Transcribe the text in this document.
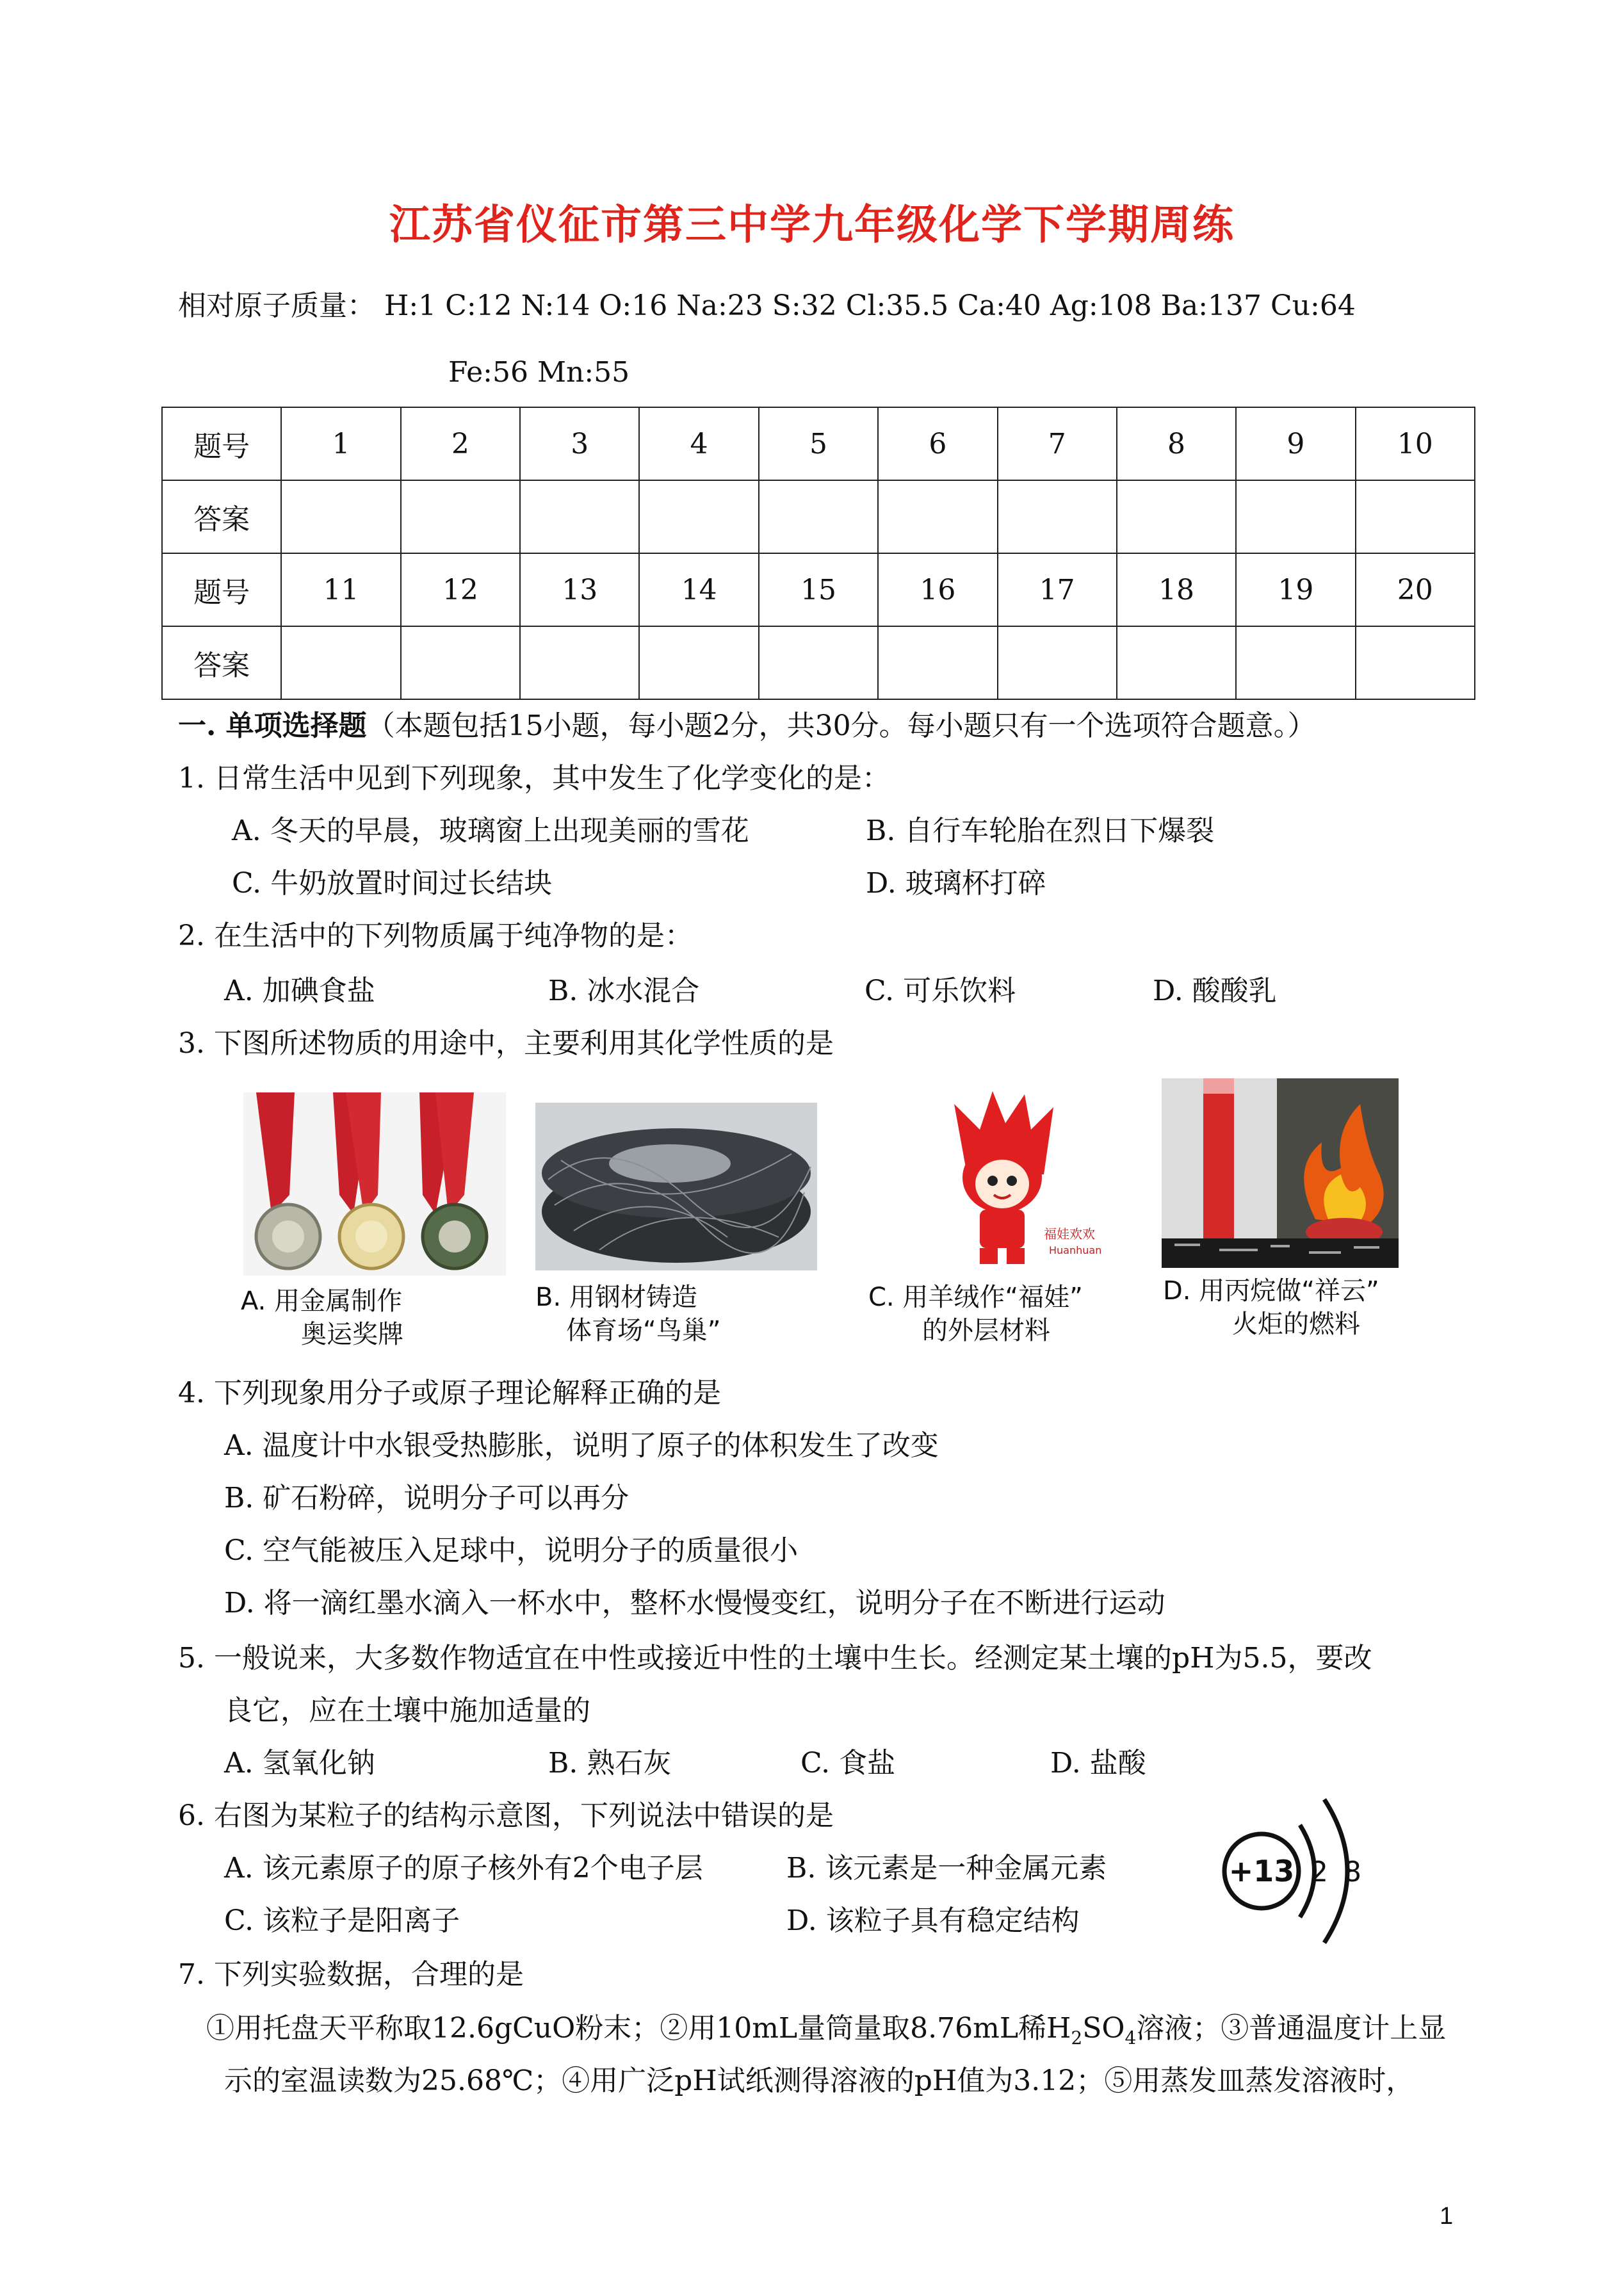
江苏省仪征市第三中学九年级化学下学期周练
相对原子质量： H:1 C:12 N:14 O:16 Na:23 S:32 Cl:35.5 Ca:40 Ag:108 Ba:137 Cu:64
Fe:56 Mn:55
题号	1	2	3	4	5	6	7	8	9	10
答案										
题号	11	12	13	14	15	16	17	18	19	20
答案										
一. 单项选择题（本题包括15小题，每小题2分，共30分。每小题只有一个选项符合题意。）
1. 日常生活中见到下列现象，其中发生了化学变化的是：
A. 冬天的早晨，玻璃窗上出现美丽的雪花	B. 自行车轮胎在烈日下爆裂
C. 牛奶放置时间过长结块	D. 玻璃杯打碎
2. 在生活中的下列物质属于纯净物的是：
A. 加碘食盐	B. 冰水混合	C. 可乐饮料	D. 酸酸乳
3. 下图所述物质的用途中，主要利用其化学性质的是
福娃欢欢
Huanhuan
A. 用金属制作
奥运奖牌
B. 用钢材铸造
体育场“鸟巢”
C. 用羊绒作“福娃”
的外层材料
D. 用丙烷做“祥云”
火炬的燃料
4. 下列现象用分子或原子理论解释正确的是
A. 温度计中水银受热膨胀，说明了原子的体积发生了改变
B. 矿石粉碎，说明分子可以再分
C. 空气能被压入足球中，说明分子的质量很小
D. 将一滴红墨水滴入一杯水中，整杯水慢慢变红，说明分子在不断进行运动
5. 一般说来，大多数作物适宜在中性或接近中性的土壤中生长。经测定某土壤的pH为5.5，要改
良它，应在土壤中施加适量的
A. 氢氧化钠	B. 熟石灰	C. 食盐	D. 盐酸
6. 右图为某粒子的结构示意图，下列说法中错误的是
A. 该元素原子的原子核外有2个电子层	B. 该元素是一种金属元素
C. 该粒子是阳离子	D. 该粒子具有稳定结构
+13 2 8
7. 下列实验数据，合理的是
①用托盘天平称取12.6gCuO粉末；②用10mL量筒量取8.76mL稀$H_2SO_4$溶液；③普通温度计上显
示的室温读数为25.68℃；④用广泛pH试纸测得溶液的pH值为3.12；⑤用蒸发皿蒸发溶液时，
1
